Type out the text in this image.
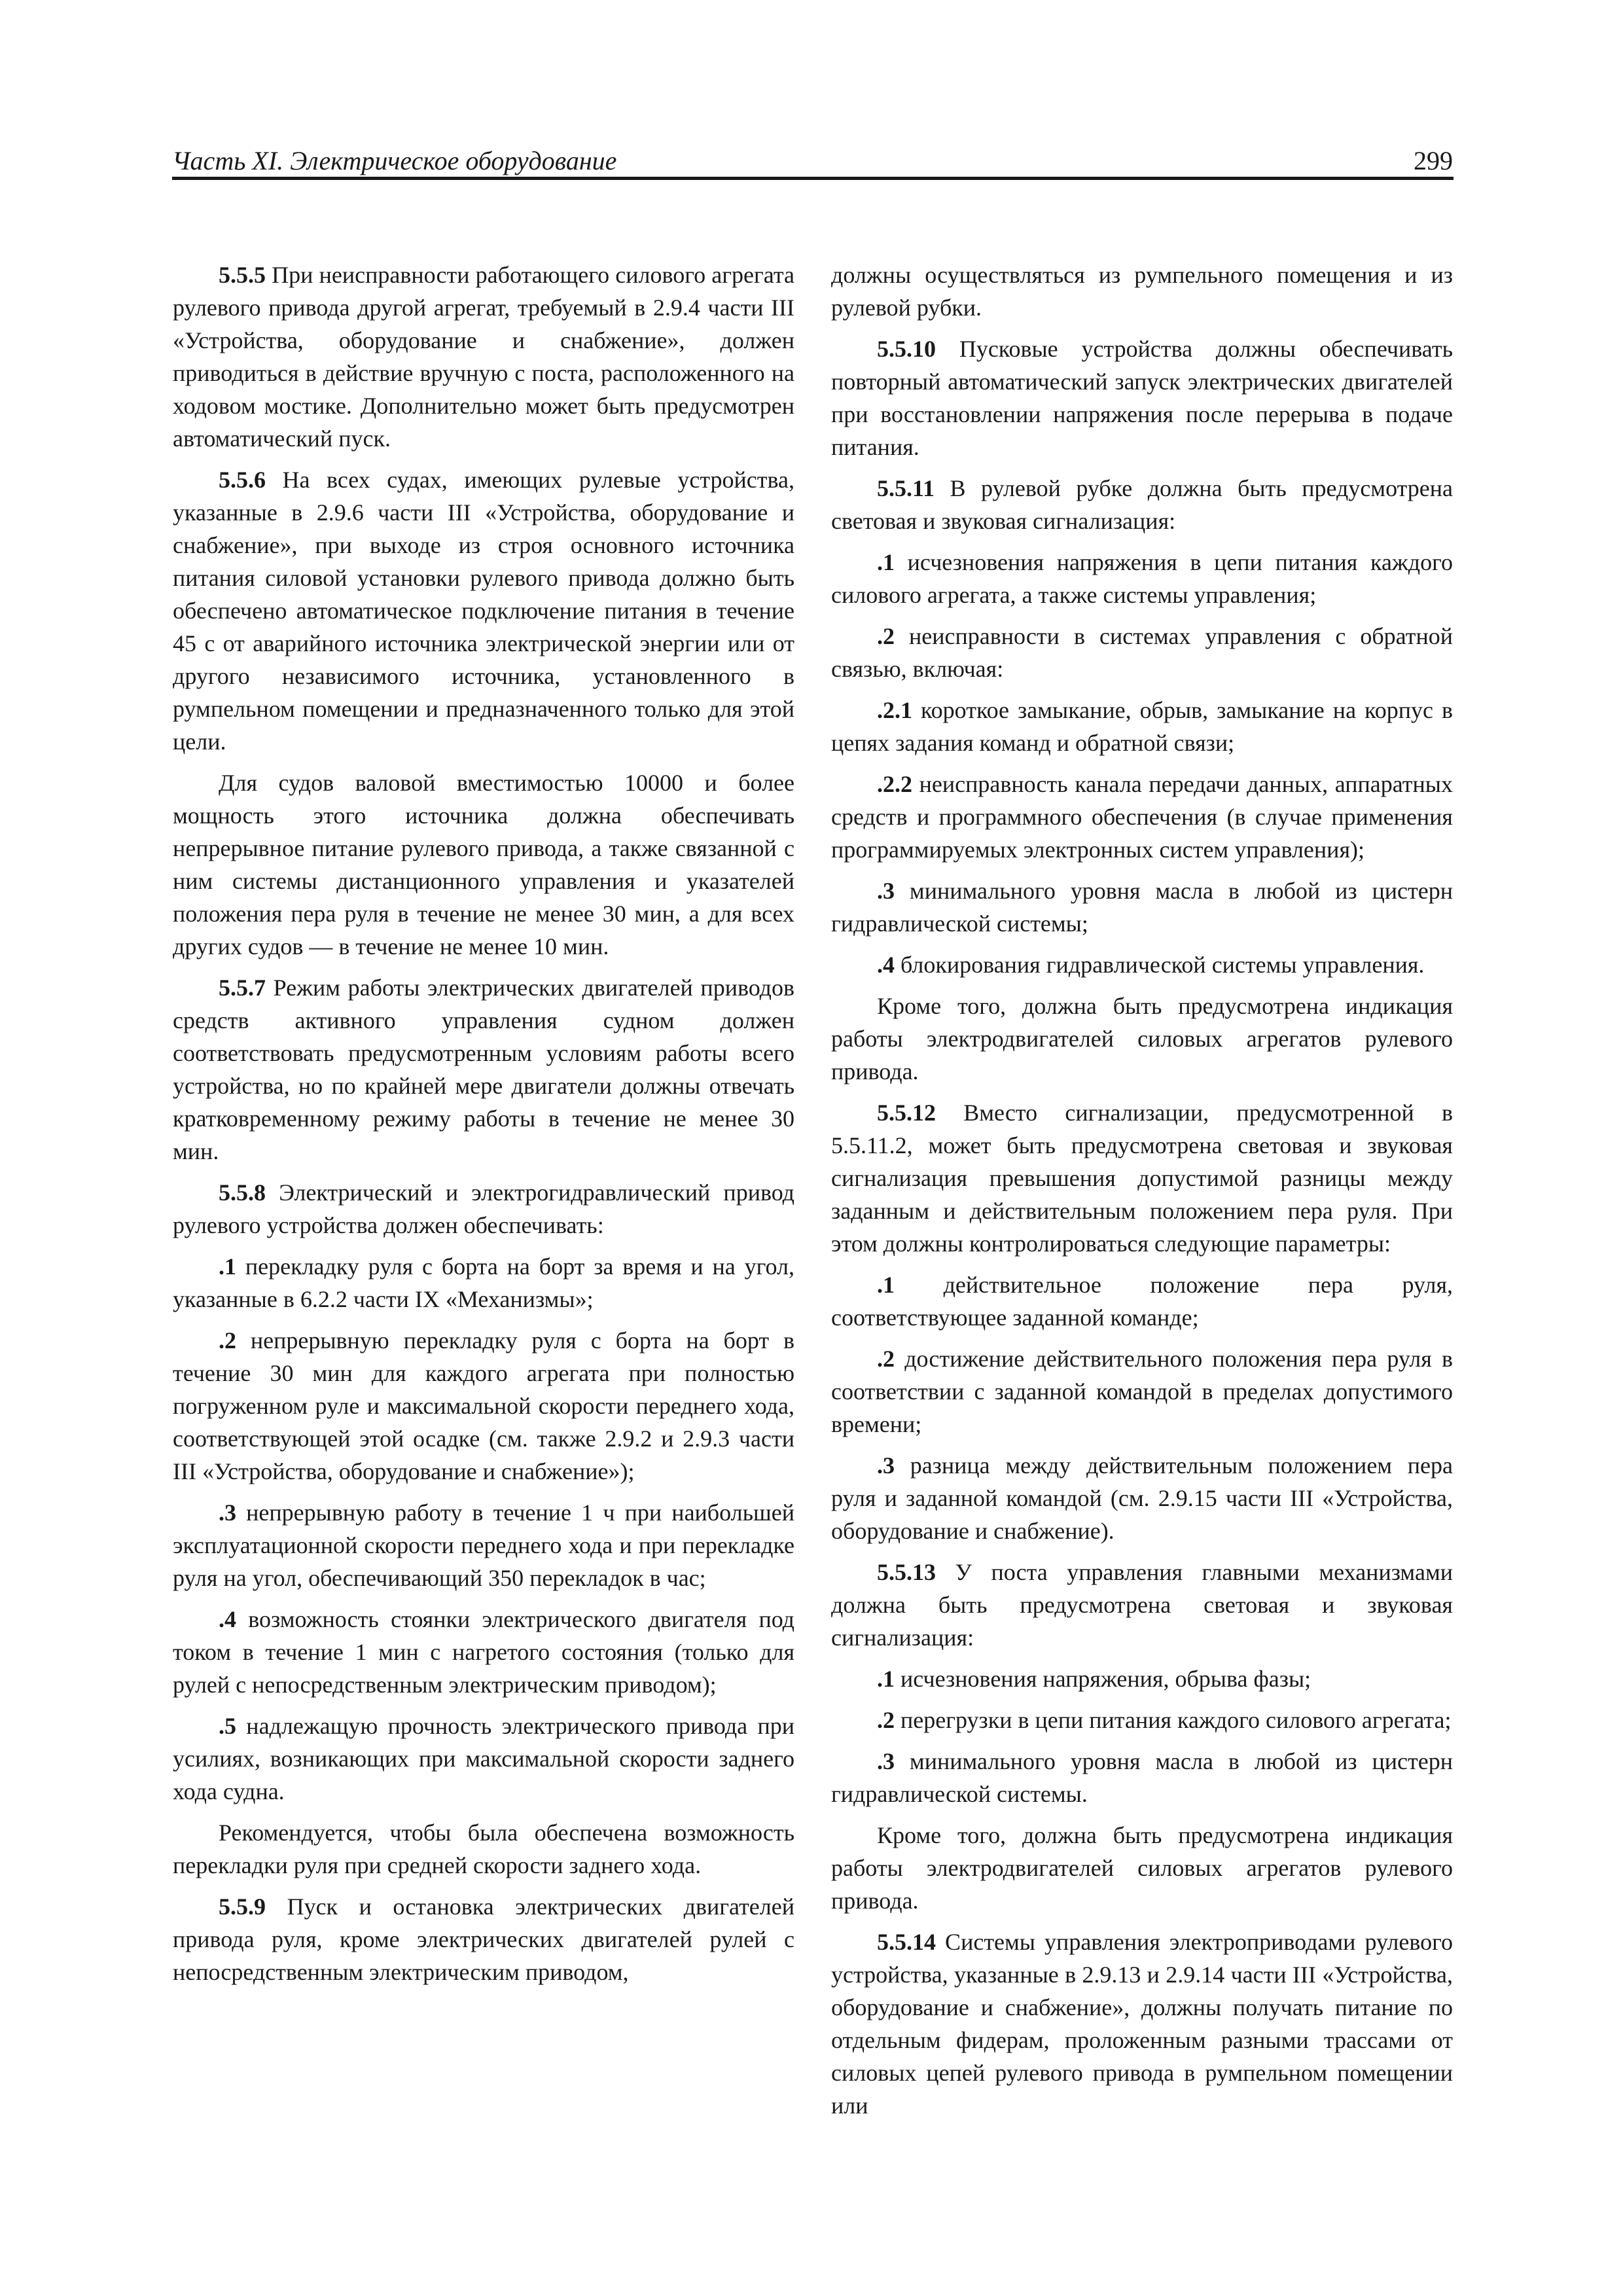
Часть XI. Электрическое оборудование	299

5.5.5 При неисправности работающего силового агрегата рулевого привода другой агрегат, требуемый в 2.9.4 части III «Устройства, оборудование и снабжение», должен приводиться в действие вручную с поста, расположенного на ходовом мостике. Дополнительно может быть предусмотрен автоматический пуск.

5.5.6 На всех судах, имеющих рулевые устройства, указанные в 2.9.6 части III «Устройства, оборудование и снабжение», при выходе из строя основного источника питания силовой установки рулевого привода должно быть обеспечено автоматическое подключение питания в течение 45 с от аварийного источника электрической энергии или от другого независимого источника, установленного в румпельном помещении и предназначенного только для этой цели.

Для судов валовой вместимостью 10000 и более мощность этого источника должна обеспечивать непрерывное питание рулевого привода, а также связанной с ним системы дистанционного управления и указателей положения пера руля в течение не менее 30 мин, а для всех других судов — в течение не менее 10 мин.

5.5.7 Режим работы электрических двигателей приводов средств активного управления судном должен соответствовать предусмотренным условиям работы всего устройства, но по крайней мере двигатели должны отвечать кратковременному режиму работы в течение не менее 30 мин.

5.5.8 Электрический и электрогидравлический привод рулевого устройства должен обеспечивать:

.1 перекладку руля с борта на борт за время и на угол, указанные в 6.2.2 части IX «Механизмы»;

.2 непрерывную перекладку руля с борта на борт в течение 30 мин для каждого агрегата при полностью погруженном руле и максимальной скорости переднего хода, соответствующей этой осадке (см. также 2.9.2 и 2.9.3 части III «Устройства, оборудование и снабжение»);

.3 непрерывную работу в течение 1 ч при наибольшей эксплуатационной скорости переднего хода и при перекладке руля на угол, обеспечивающий 350 перекладок в час;

.4 возможность стоянки электрического двигателя под током в течение 1 мин с нагретого состояния (только для рулей с непосредственным электрическим приводом);

.5 надлежащую прочность электрического привода при усилиях, возникающих при максимальной скорости заднего хода судна.

Рекомендуется, чтобы была обеспечена возможность перекладки руля при средней скорости заднего хода.

5.5.9 Пуск и остановка электрических двигателей привода руля, кроме электрических двигателей рулей с непосредственным электрическим приводом,

должны осуществляться из румпельного помещения и из рулевой рубки.

5.5.10 Пусковые устройства должны обеспечивать повторный автоматический запуск электрических двигателей при восстановлении напряжения после перерыва в подаче питания.

5.5.11 В рулевой рубке должна быть предусмотрена световая и звуковая сигнализация:

.1 исчезновения напряжения в цепи питания каждого силового агрегата, а также системы управления;

.2 неисправности в системах управления с обратной связью, включая:

.2.1 короткое замыкание, обрыв, замыкание на корпус в цепях задания команд и обратной связи;

.2.2 неисправность канала передачи данных, аппаратных средств и программного обеспечения (в случае применения программируемых электронных систем управления);

.3 минимального уровня масла в любой из цистерн гидравлической системы;

.4 блокирования гидравлической системы управления.

Кроме того, должна быть предусмотрена индикация работы электродвигателей силовых агрегатов рулевого привода.

5.5.12 Вместо сигнализации, предусмотренной в 5.5.11.2, может быть предусмотрена световая и звуковая сигнализация превышения допустимой разницы между заданным и действительным положением пера руля. При этом должны контролироваться следующие параметры:

.1 действительное положение пера руля, соответствующее заданной команде;

.2 достижение действительного положения пера руля в соответствии с заданной командой в пределах допустимого времени;

.3 разница между действительным положением пера руля и заданной командой (см. 2.9.15 части III «Устройства, оборудование и снабжение).

5.5.13 У поста управления главными механизмами должна быть предусмотрена световая и звуковая сигнализация:

.1 исчезновения напряжения, обрыва фазы;

.2 перегрузки в цепи питания каждого силового агрегата;

.3 минимального уровня масла в любой из цистерн гидравлической системы.

Кроме того, должна быть предусмотрена индикация работы электродвигателей силовых агрегатов рулевого привода.

5.5.14 Системы управления электроприводами рулевого устройства, указанные в 2.9.13 и 2.9.14 части III «Устройства, оборудование и снабжение», должны получать питание по отдельным фидерам, проложенным разными трассами от силовых цепей рулевого привода в румпельном помещении или
